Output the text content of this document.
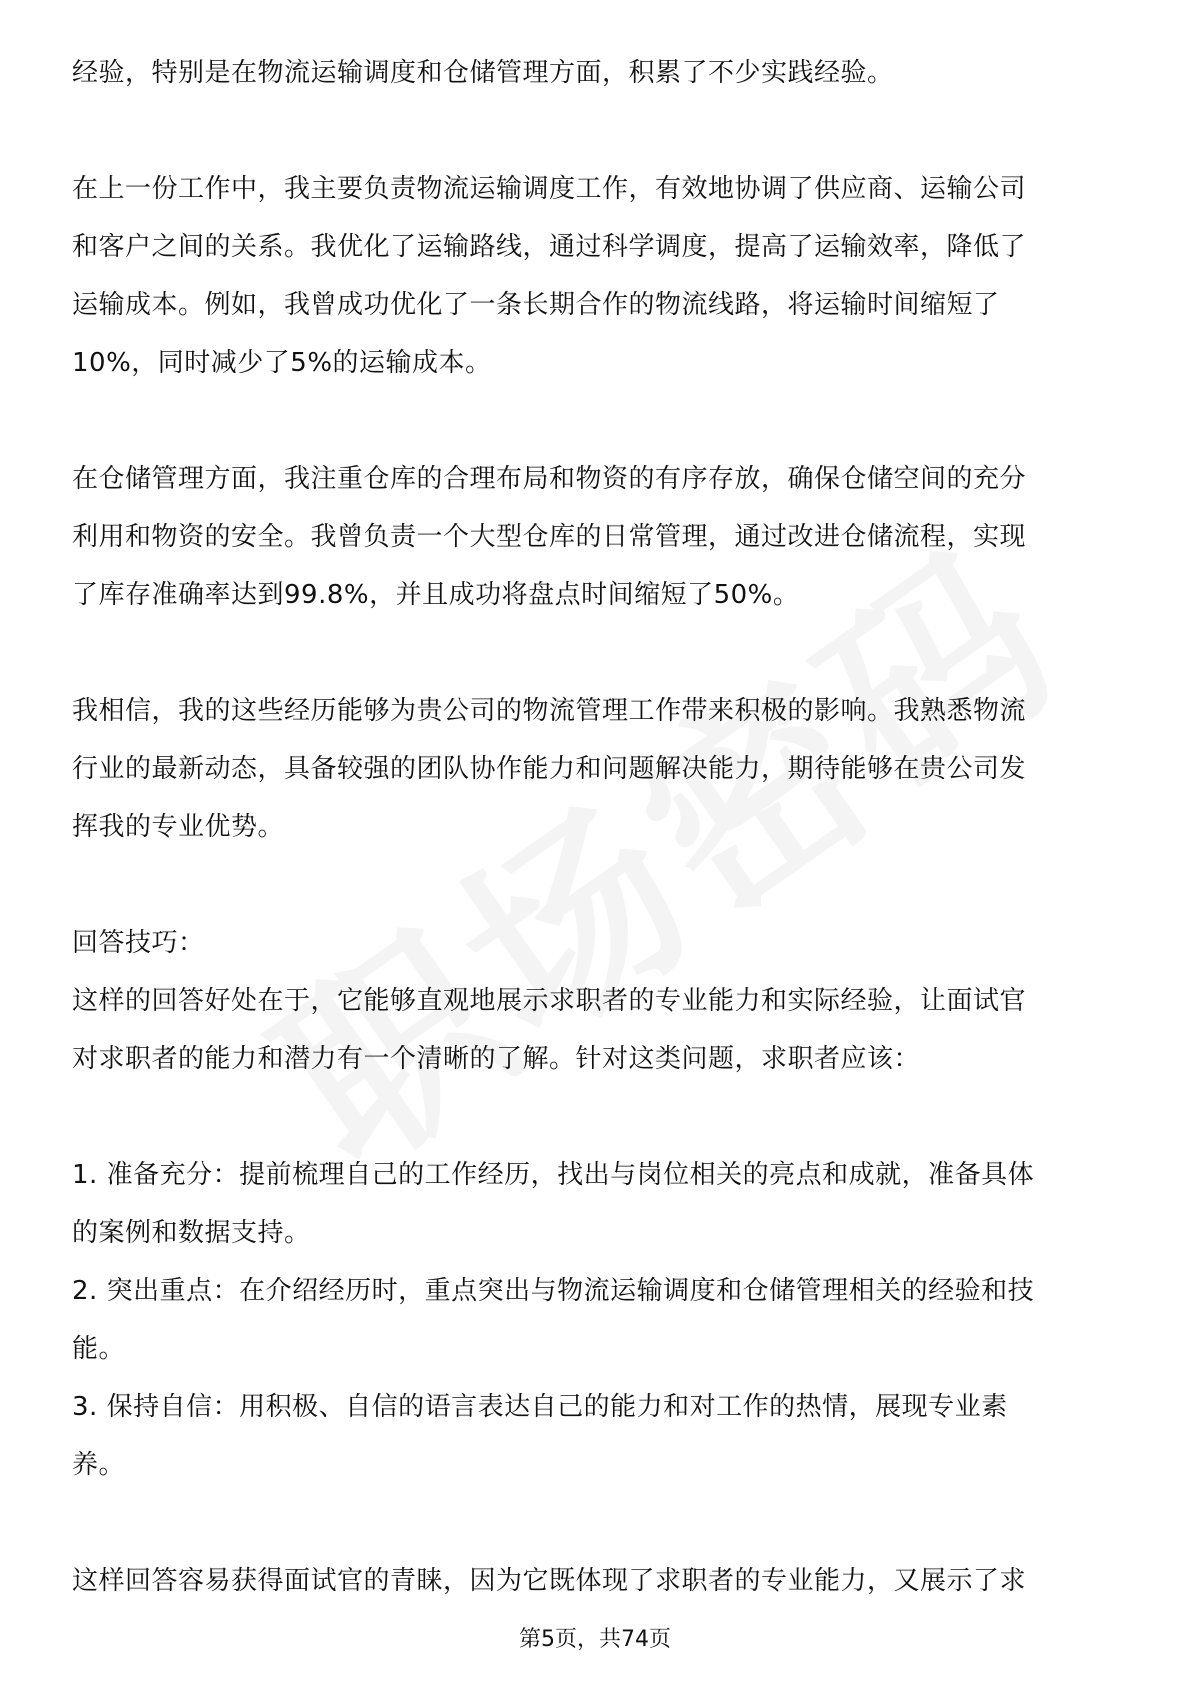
经验，特别是在物流运输调度和仓储管理方面，积累了不少实践经验。
在上一份工作中，我主要负责物流运输调度工作，有效地协调了供应商、运输公司
和客户之间的关系。我优化了运输路线，通过科学调度，提高了运输效率，降低了
运输成本。例如，我曾成功优化了一条长期合作的物流线路，将运输时间缩短了
10%，同时减少了5%的运输成本。
在仓储管理方面，我注重仓库的合理布局和物资的有序存放，确保仓储空间的充分
利用和物资的安全。我曾负责一个大型仓库的日常管理，通过改进仓储流程，实现
了库存准确率达到99.8%，并且成功将盘点时间缩短了50%。
我相信，我的这些经历能够为贵公司的物流管理工作带来积极的影响。我熟悉物流
行业的最新动态，具备较强的团队协作能力和问题解决能力，期待能够在贵公司发
挥我的专业优势。
回答技巧：
这样的回答好处在于，它能够直观地展示求职者的专业能力和实际经验，让面试官
对求职者的能力和潜力有一个清晰的了解。针对这类问题，求职者应该：
1. 准备充分：提前梳理自己的工作经历，找出与岗位相关的亮点和成就，准备具体
的案例和数据支持。
2. 突出重点：在介绍经历时，重点突出与物流运输调度和仓储管理相关的经验和技
能。
3. 保持自信：用积极、自信的语言表达自己的能力和对工作的热情，展现专业素
养。
这样回答容易获得面试官的青睐，因为它既体现了求职者的专业能力，又展示了求
第5页，共74页
